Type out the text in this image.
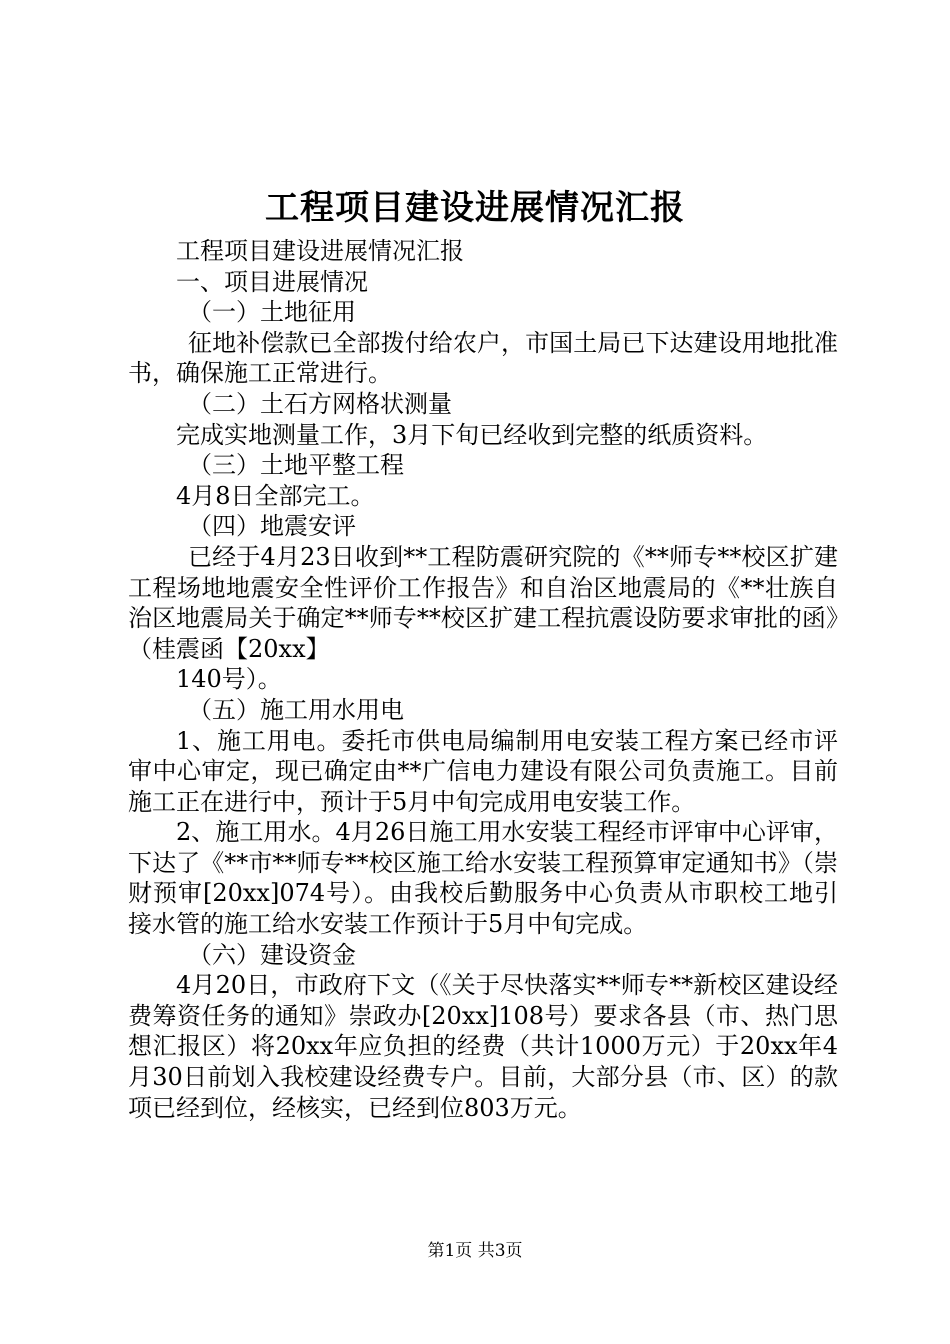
工程项目建设进展情况汇报

工程项目建设进展情况汇报

一、项目进展情况

（一）土地征用

征地补偿款已全部拨付给农户，市国土局已下达建设用地批准书，确保施工正常进行。

（二）土石方网格状测量

完成实地测量工作，3月下旬已经收到完整的纸质资料。

（三）土地平整工程

4月8日全部完工。

（四）地震安评

已经于4月23日收到**工程防震研究院的《**师专**校区扩建工程场地地震安全性评价工作报告》和自治区地震局的《**壮族自治区地震局关于确定**师专**校区扩建工程抗震设防要求审批的函》（桂震函【20xx】

140号）。

（五）施工用水用电

1、施工用电。委托市供电局编制用电安装工程方案已经市评审中心审定，现已确定由**广信电力建设有限公司负责施工。目前施工正在进行中，预计于5月中旬完成用电安装工作。

2、施工用水。4月26日施工用水安装工程经市评审中心评审，下达了《**市**师专**校区施工给水安装工程预算审定通知书》（崇财预审[20xx]074号）。由我校后勤服务中心负责从市职校工地引接水管的施工给水安装工作预计于5月中旬完成。

（六）建设资金

4月20日，市政府下文（《关于尽快落实**师专**新校区建设经费筹资任务的通知》崇政办[20xx]108号）要求各县（市、热门思想汇报区）将20xx年应负担的经费（共计1000万元）于20xx年4月30日前划入我校建设经费专户。目前，大部分县（市、区）的款项已经到位，经核实，已经到位803万元。

第1页 共3页
